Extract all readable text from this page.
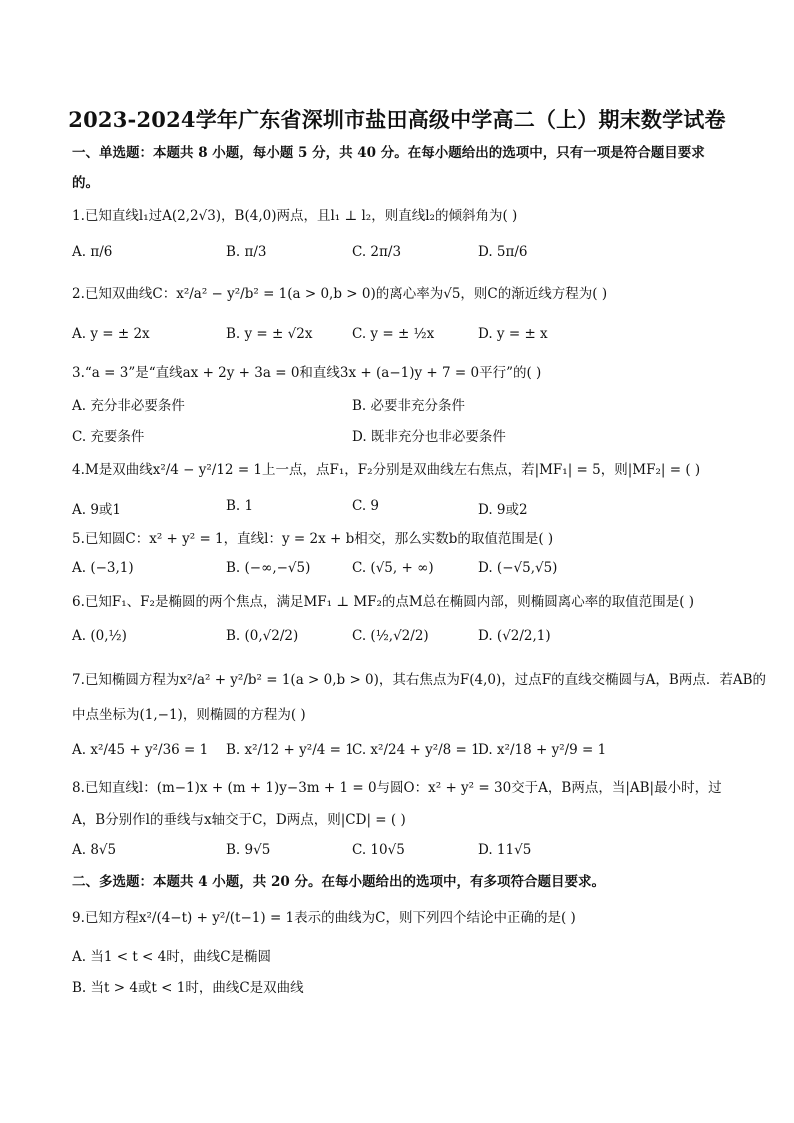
2023-2024学年广东省深圳市盐田高级中学高二（上）期末数学试卷
一、单选题：本题共 8 小题，每小题 5 分，共 40 分。在每小题给出的选项中，只有一项是符合题目要求
的。
1.已知直线l₁过A(2,2√3)，B(4,0)两点，且l₁ ⊥ l₂，则直线l₂的倾斜角为( )
A. π/6	B. π/3	C. 2π/3	D. 5π/6
2.已知双曲线C：x²/a² − y²/b² = 1(a > 0,b > 0)的离心率为√5，则C的渐近线方程为( )
A. y = ± 2x	B. y = ± √2x	C. y = ± ½x	D. y = ± x
3.“a = 3”是“直线ax + 2y + 3a = 0和直线3x + (a−1)y + 7 = 0平行”的( )
A. 充分非必要条件	B. 必要非充分条件
C. 充要条件	D. 既非充分也非必要条件
4.M是双曲线x²/4 − y²/12 = 1上一点，点F₁，F₂分别是双曲线左右焦点，若|MF₁| = 5，则|MF₂| = ( )
A. 9或1	B. 1	C. 9	D. 9或2
5.已知圆C：x² + y² = 1，直线l：y = 2x + b相交，那么实数b的取值范围是( )
A. (−3,1)	B. (−∞,−√5)	C. (√5, + ∞)	D. (−√5,√5)
6.已知F₁、F₂是椭圆的两个焦点，满足MF₁ ⊥ MF₂的点M总在椭圆内部，则椭圆离心率的取值范围是( )
A. (0,½)	B. (0,√2/2)	C. (½,√2/2)	D. (√2/2,1)
7.已知椭圆方程为x²/a² + y²/b² = 1(a > 0,b > 0)，其右焦点为F(4,0)，过点F的直线交椭圆与A，B两点．若AB的
中点坐标为(1,−1)，则椭圆的方程为( )
A. x²/45 + y²/36 = 1 B. x²/12 + y²/4 = 1
C. x²/24 + y²/8 = 1
D. x²/18 + y²/9 = 1
8.已知直线l：(m−1)x + (m + 1)y−3m + 1 = 0与圆O：x² + y² = 30交于A，B两点，当|AB|最小时，过
A，B分别作l的垂线与x轴交于C，D两点，则|CD| = ( )
A. 8√5	B. 9√5	C. 10√5	D. 11√5
二、多选题：本题共 4 小题，共 20 分。在每小题给出的选项中，有多项符合题目要求。
9.已知方程x²/(4−t) + y²/(t−1) = 1表示的曲线为C，则下列四个结论中正确的是( )
A. 当1 < t < 4时，曲线C是椭圆
B. 当t > 4或t < 1时，曲线C是双曲线
